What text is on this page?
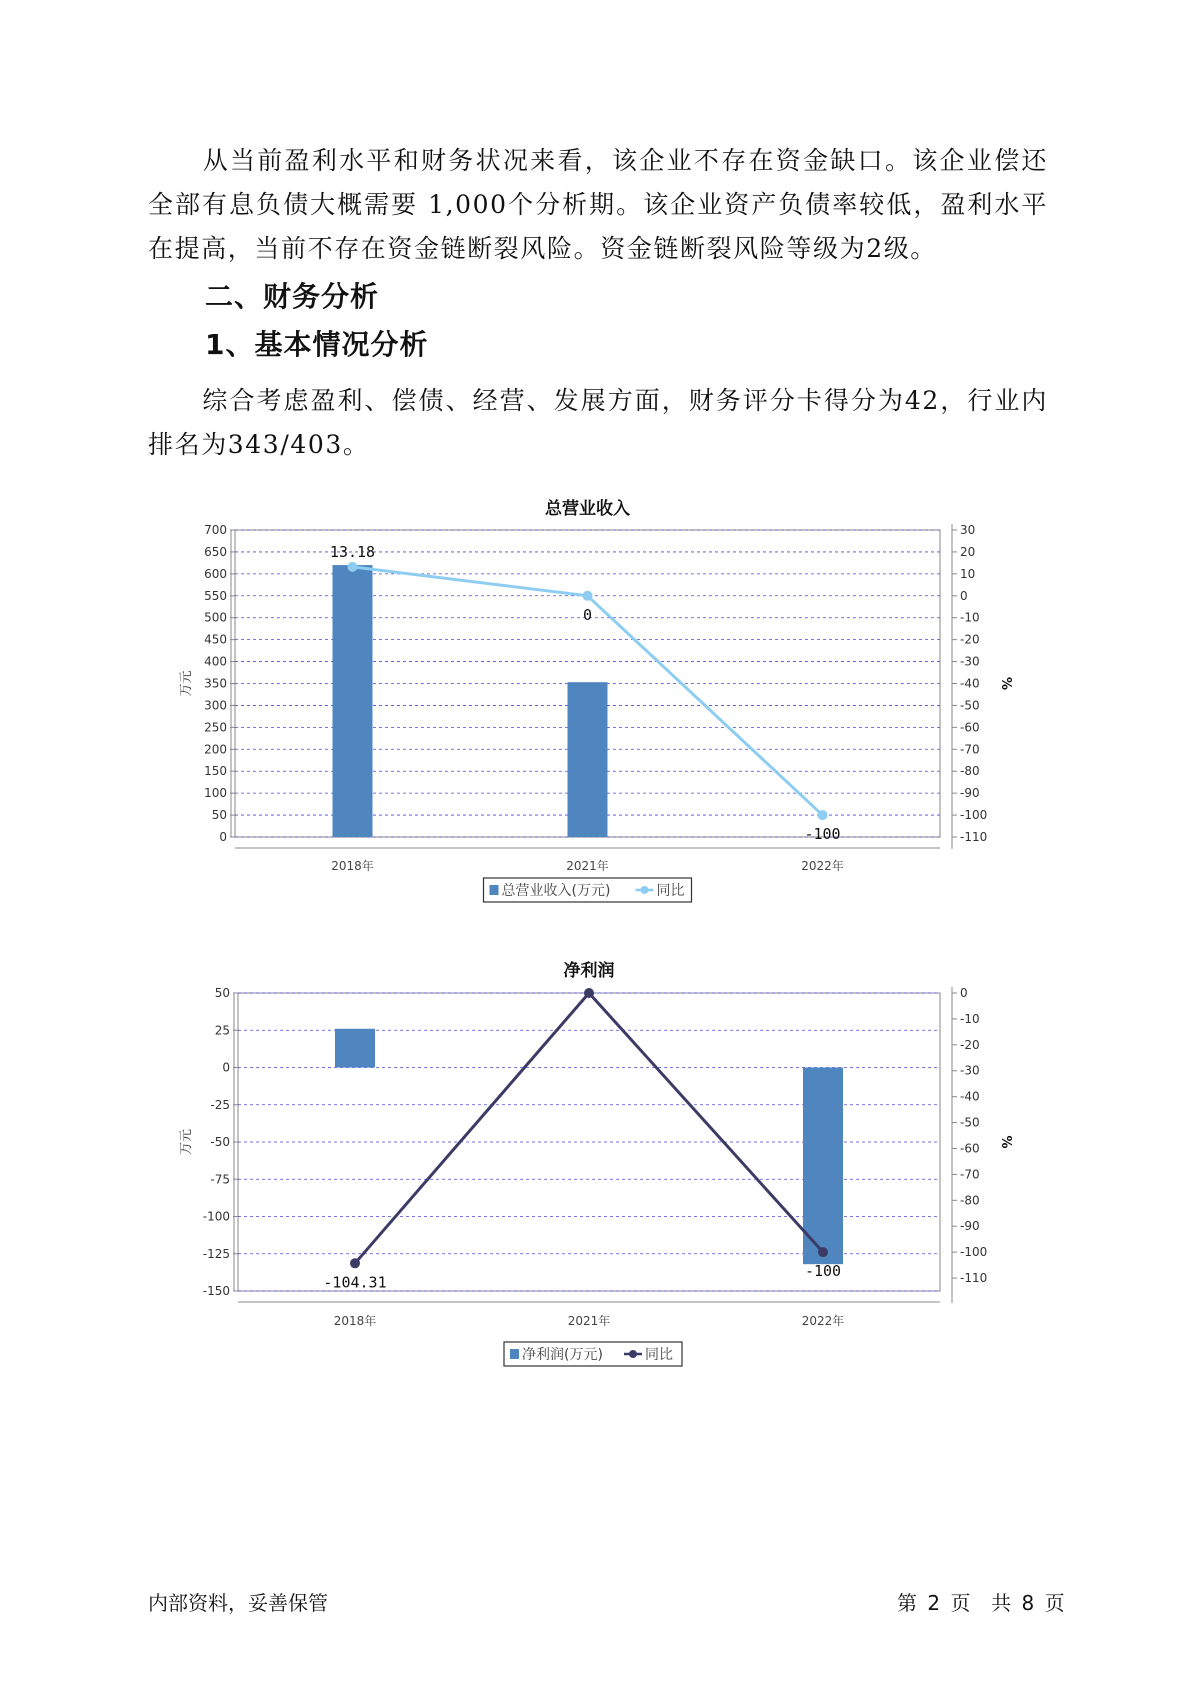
从当前盈利水平和财务状况来看，该企业不存在资金缺口。该企业偿还全部有息负债大概需要 1,000个分析期。该企业资产负债率较低，盈利水平在提高，当前不存在资金链断裂风险。资金链断裂风险等级为2级。

二、财务分析
1、基本情况分析

综合考虑盈利、偿债、经营、发展方面，财务评分卡得分为42，行业内排名为343/403。

总营业收入
700
650
600
550
500
450
400
350
300
250
200
150
100
50
0
30
20
10
0
-10
-20
-30
-40
-50
-60
-70
-80
-90
-100
-110
万元	%
2018年	2021年	2022年
13.18
0
-100
总营业收入(万元)	同比
净利润
50
25
0
-25
-50
-75
-100
-125
-150
0
-10
-20
-30
-40
-50
-60
-70
-80
-90
-100
-110
万元	%
2018年	2021年	2022年
-104.31
-100
净利润(万元)	同比
内部资料，妥善保管	第 2 页 共 8 页
